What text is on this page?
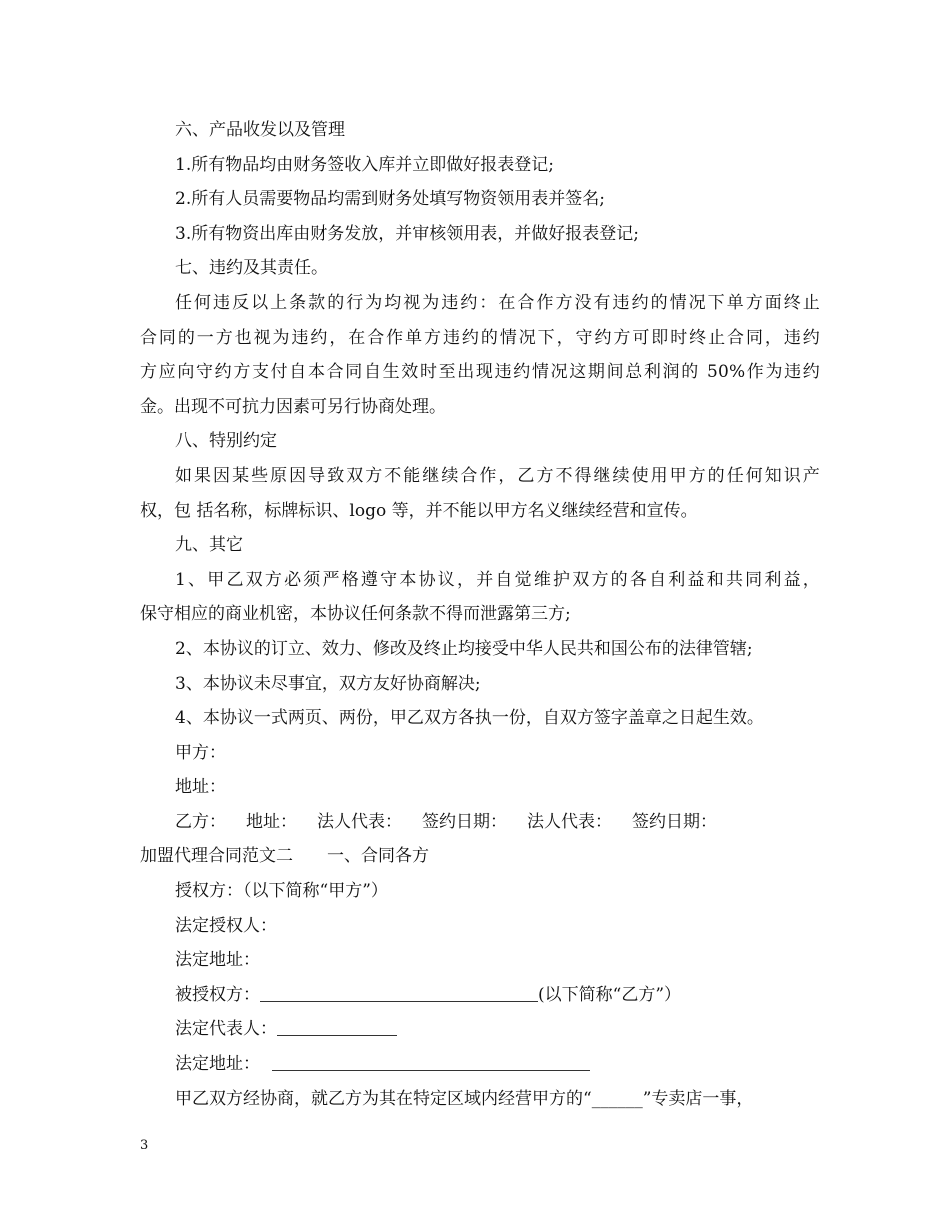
六、产品收发以及管理
1.所有物品均由财务签收入库并立即做好报表登记;
2.所有人员需要物品均需到财务处填写物资领用表并签名;
3.所有物资出库由财务发放，并审核领用表，并做好报表登记;
七、违约及其责任。
任何违反以上条款的行为均视为违约：在合作方没有违约的情况下单方面终止
合同的一方也视为违约，在合作单方违约的情况下，守约方可即时终止合同，违约
方应向守约方支付自本合同自生效时至出现违约情况这期间总利润的 50%作为违约
金。出现不可抗力因素可另行协商处理。
八、特别约定
如果因某些原因导致双方不能继续合作，乙方不得继续使用甲方的任何知识产
权，包 括名称，标牌标识、logo 等，并不能以甲方名义继续经营和宣传。
九、其它
1、甲乙双方必须严格遵守本协议，并自觉维护双方的各自利益和共同利益，
保守相应的商业机密，本协议任何条款不得而泄露第三方;
2、本协议的订立、效力、修改及终止均接受中华人民共和国公布的法律管辖;
3、本协议未尽事宜，双方友好协商解决;
4、本协议一式两页、两份，甲乙双方各执一份，自双方签字盖章之日起生效。
甲方：
地址：
乙方： 地址： 法人代表： 签约日期： 法人代表： 签约日期：
加盟代理合同范文二 一、合同各方
授权方：（以下简称“甲方”）
法定授权人：
法定地址：
被授权方：	(以下简称“乙方”）
法定代表人：
法定地址：
甲乙双方经协商，就乙方为其在特定区域内经营甲方的“______”专卖店一事，
3
